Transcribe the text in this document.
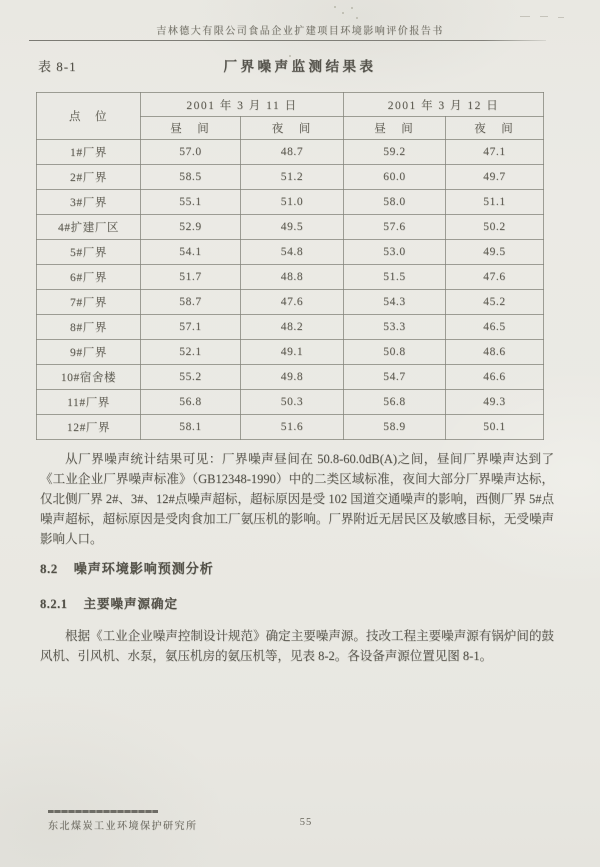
吉林德大有限公司食品企业扩建项目环境影响评价报告书
表 8-1	厂界噪声监测结果表
点　位	2001 年 3 月 11 日		2001 年 3 月 12 日	
	昼　间	夜　间	昼　间	夜　间
1#厂界	57.0	48.7	59.2	47.1
2#厂界	58.5	51.2	60.0	49.7
3#厂界	55.1	51.0	58.0	51.1
4#扩建厂区	52.9	49.5	57.6	50.2
5#厂界	54.1	54.8	53.0	49.5
6#厂界	51.7	48.8	51.5	47.6
7#厂界	58.7	47.6	54.3	45.2
8#厂界	57.1	48.2	53.3	46.5
9#厂界	52.1	49.1	50.8	48.6
10#宿舍楼	55.2	49.8	54.7	46.6
11#厂界	56.8	50.3	56.8	49.3
12#厂界	58.1	51.6	58.9	50.1

从厂界噪声统计结果可见：厂界噪声昼间在 50.8-60.0dB(A)之间，昼间厂界噪声达到了《工业企业厂界噪声标准》（GB12348-1990）中的二类区域标准，夜间大部分厂界噪声达标，仅北侧厂界 2#、3#、12#点噪声超标，超标原因是受 102 国道交通噪声的影响，西侧厂界 5#点噪声超标，超标原因是受肉食加工厂氨压机的影响。厂界附近无居民区及敏感目标，无受噪声影响人口。

8.2 噪声环境影响预测分析
8.2.1 主要噪声源确定

根据《工业企业噪声控制设计规范》确定主要噪声源。技改工程主要噪声源有锅炉间的鼓风机、引风机、水泵，氨压机房的氨压机等，见表 8-2。各设备声源位置见图 8-1。

东北煤炭工业环境保护研究所	55
